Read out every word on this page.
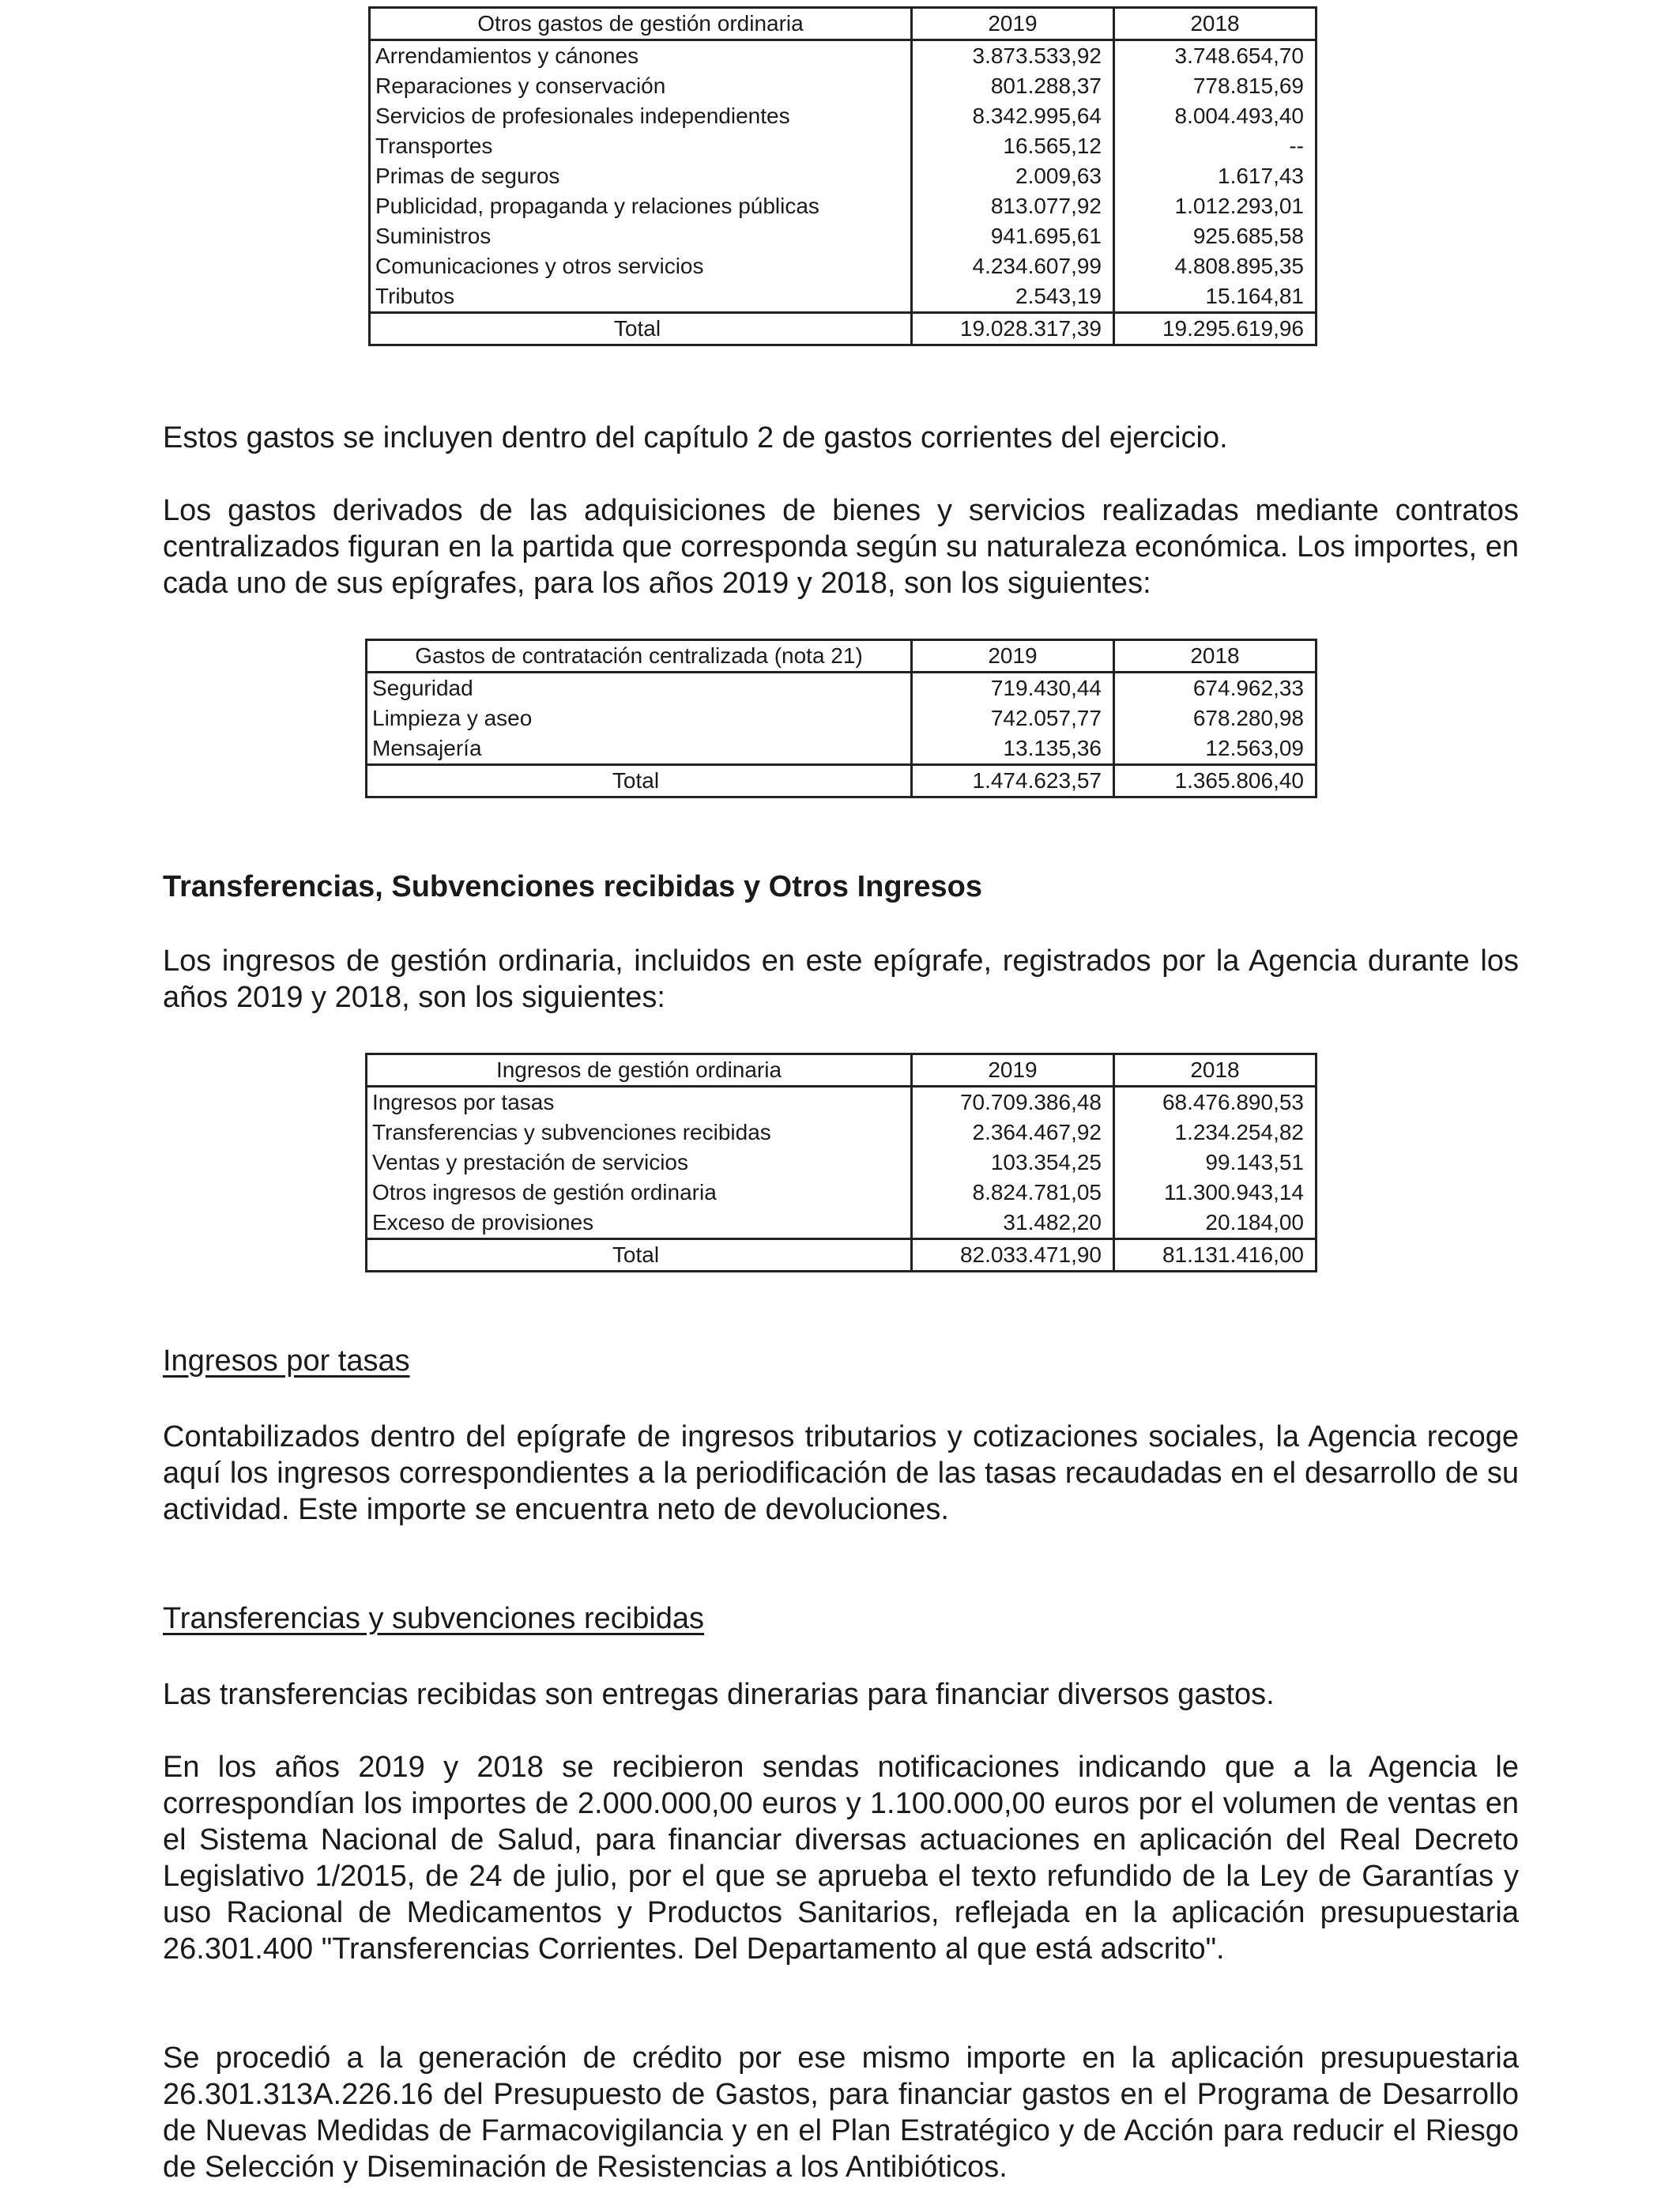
Otros gastos de gestión ordinaria	2019	2018
Arrendamientos y cánones	3.873.533,92	3.748.654,70
Reparaciones y conservación	801.288,37	778.815,69
Servicios de profesionales independientes	8.342.995,64	8.004.493,40
Transportes	16.565,12	--
Primas de seguros	2.009,63	1.617,43
Publicidad, propaganda y relaciones públicas	813.077,92	1.012.293,01
Suministros	941.695,61	925.685,58
Comunicaciones y otros servicios	4.234.607,99	4.808.895,35
Tributos	2.543,19	15.164,81
Total	19.028.317,39	19.295.619,96

Estos gastos se incluyen dentro del capítulo 2 de gastos corrientes del ejercicio.

Los gastos derivados de las adquisiciones de bienes y servicios realizadas mediante contratos centralizados figuran en la partida que corresponda según su naturaleza económica. Los importes, en cada uno de sus epígrafes, para los años 2019 y 2018, son los siguientes:

Gastos de contratación centralizada (nota 21)	2019	2018
Seguridad	719.430,44	674.962,33
Limpieza y aseo	742.057,77	678.280,98
Mensajería	13.135,36	12.563,09
Total	1.474.623,57	1.365.806,40
Transferencias, Subvenciones recibidas y Otros Ingresos

Los ingresos de gestión ordinaria, incluidos en este epígrafe, registrados por la Agencia durante los años 2019 y 2018, son los siguientes:

Ingresos de gestión ordinaria	2019	2018
Ingresos por tasas	70.709.386,48	68.476.890,53
Transferencias y subvenciones recibidas	2.364.467,92	1.234.254,82
Ventas y prestación de servicios	103.354,25	99.143,51
Otros ingresos de gestión ordinaria	8.824.781,05	11.300.943,14
Exceso de provisiones	31.482,20	20.184,00
Total	82.033.471,90	81.131.416,00
Ingresos por tasas

Contabilizados dentro del epígrafe de ingresos tributarios y cotizaciones sociales, la Agencia recoge aquí los ingresos correspondientes a la periodificación de las tasas recaudadas en el desarrollo de su actividad. Este importe se encuentra neto de devoluciones.

Transferencias y subvenciones recibidas

Las transferencias recibidas son entregas dinerarias para financiar diversos gastos.

En los años 2019 y 2018 se recibieron sendas notificaciones indicando que a la Agencia le correspondían los importes de 2.000.000,00 euros y 1.100.000,00 euros por el volumen de ventas en el Sistema Nacional de Salud, para financiar diversas actuaciones en aplicación del Real Decreto Legislativo 1/2015, de 24 de julio, por el que se aprueba el texto refundido de la Ley de Garantías y uso Racional de Medicamentos y Productos Sanitarios, reflejada en la aplicación presupuestaria 26.301.400 "Transferencias Corrientes. Del Departamento al que está adscrito".

Se procedió a la generación de crédito por ese mismo importe en la aplicación presupuestaria 26.301.313A.226.16 del Presupuesto de Gastos, para financiar gastos en el Programa de Desarrollo de Nuevas Medidas de Farmacovigilancia y en el Plan Estratégico y de Acción para reducir el Riesgo de Selección y Diseminación de Resistencias a los Antibióticos.
